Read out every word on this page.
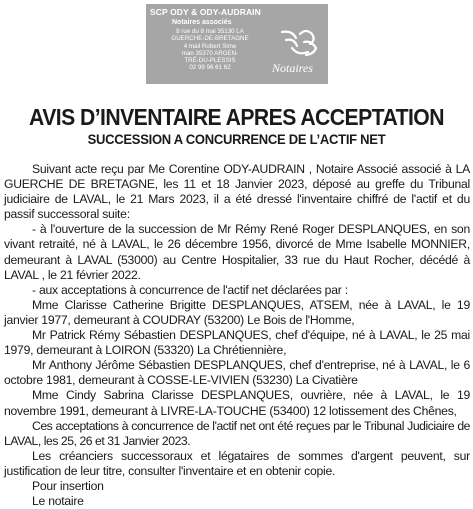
SCP ODY & ODY-AUDRAIN
Notaires associés
8 rue du 8 mai 35130 LA
GUERCHE-DE-BRETAGNE
4 mail Robert Sime
man 35370 ARGEN-
TRÉ-DU-PLESSIS
02 99 96 61 62	Notaires
AVIS D’INVENTAIRE APRES ACCEPTATION
SUCCESSION A CONCURRENCE DE L’ACTIF NET

Suivant acte reçu par Me Corentine ODY-AUDRAIN , Notaire Associé associé à LA GUERCHE DE BRETAGNE, les 11 et 18 Janvier 2023, déposé au greffe du Tribunal judiciaire de LAVAL, le 21 Mars 2023, il a été dressé l'inventaire chiffré de l'actif et du passif successoral suite:

- à l'ouverture de la succession de Mr Rémy René Roger DESPLANQUES, en son vivant retraité, né à LAVAL, le 26 décembre 1956, divorcé de Mme Isabelle MONNIER, demeurant à LAVAL (53000) au Centre Hospitalier, 33 rue du Haut Rocher, décédé à LAVAL , le 21 février 2022.

- aux acceptations à concurrence de l'actif net déclarées par :

Mme Clarisse Catherine Brigitte DESPLANQUES, ATSEM, née à LAVAL, le 19 janvier 1977, demeurant à COUDRAY (53200) Le Bois de l'Homme,

Mr Patrick Rémy Sébastien DESPLANQUES, chef d'équipe, né à LAVAL, le 25 mai 1979, demeurant à LOIRON (53320) La Chrétiennière,

Mr Anthony Jérôme Sébastien DESPLANQUES, chef d'entreprise, né à LAVAL, le 6 octobre 1981, demeurant à COSSE-LE-VIVIEN (53230) La Civatière

Mme Cindy Sabrina Clarisse DESPLANQUES, ouvrière, née à LAVAL, le 19 novembre 1991, demeurant à LIVRE-LA-TOUCHE (53400) 12 lotissement des Chênes,

Ces acceptations à concurrence de l'actif net ont été reçues par le Tribunal Judiciaire de LAVAL, les 25, 26 et 31 Janvier 2023.

Les créanciers successoraux et légataires de sommes d'argent peuvent, sur justification de leur titre, consulter l'inventaire et en obtenir copie.

Pour insertion
Le notaire
